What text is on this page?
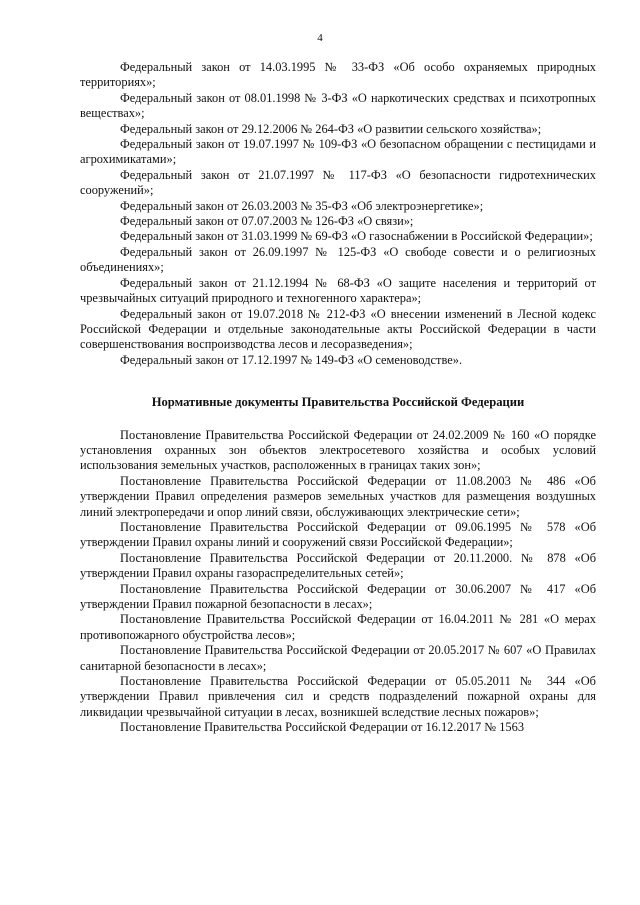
4

Федеральный закон от 14.03.1995 № 33-ФЗ «Об особо охраняемых природных территориях»;

Федеральный закон от 08.01.1998 № 3-ФЗ «О наркотических средствах и психотропных веществах»;

Федеральный закон от 29.12.2006 № 264-ФЗ «О развитии сельского хозяйства»;

Федеральный закон от 19.07.1997 № 109-ФЗ «О безопасном обращении с пестицидами и агрохимикатами»;

Федеральный закон от 21.07.1997 № 117-ФЗ «О безопасности гидротехнических сооружений»;

Федеральный закон от 26.03.2003 № 35-ФЗ «Об электроэнергетике»;

Федеральный закон от 07.07.2003 № 126-ФЗ «О связи»;

Федеральный закон от 31.03.1999 № 69-ФЗ «О газоснабжении в Российской Федерации»;

Федеральный закон от 26.09.1997 № 125-ФЗ «О свободе совести и о религиозных объединениях»;

Федеральный закон от 21.12.1994 № 68-ФЗ «О защите населения и территорий от чрезвычайных ситуаций природного и техногенного характера»;

Федеральный закон от 19.07.2018 № 212-ФЗ «О внесении изменений в Лесной кодекс Российской Федерации и отдельные законодательные акты Российской Федерации в части совершенствования воспроизводства лесов и лесоразведения»;

Федеральный закон от 17.12.1997 № 149-ФЗ «О семеноводстве».

Нормативные документы Правительства Российской Федерации

Постановление Правительства Российской Федерации от 24.02.2009 № 160 «О порядке установления охранных зон объектов электросетевого хозяйства и особых условий использования земельных участков, расположенных в границах таких зон»;

Постановление Правительства Российской Федерации от 11.08.2003 № 486 «Об утверждении Правил определения размеров земельных участков для размещения воздушных линий электропередачи и опор линий связи, обслуживающих электрические сети»;

Постановление Правительства Российской Федерации от 09.06.1995 № 578 «Об утверждении Правил охраны линий и сооружений связи Российской Федерации»;

Постановление Правительства Российской Федерации от 20.11.2000. № 878 «Об утверждении Правил охраны газораспределительных сетей»;

Постановление Правительства Российской Федерации от 30.06.2007 № 417 «Об утверждении Правил пожарной безопасности в лесах»;

Постановление Правительства Российской Федерации от 16.04.2011 № 281 «О мерах противопожарного обустройства лесов»;

Постановление Правительства Российской Федерации от 20.05.2017 № 607 «О Правилах санитарной безопасности в лесах»;

Постановление Правительства Российской Федерации от 05.05.2011 № 344 «Об утверждении Правил привлечения сил и средств подразделений пожарной охраны для ликвидации чрезвычайной ситуации в лесах, возникшей вследствие лесных пожаров»;

Постановление Правительства Российской Федерации от 16.12.2017 № 1563
